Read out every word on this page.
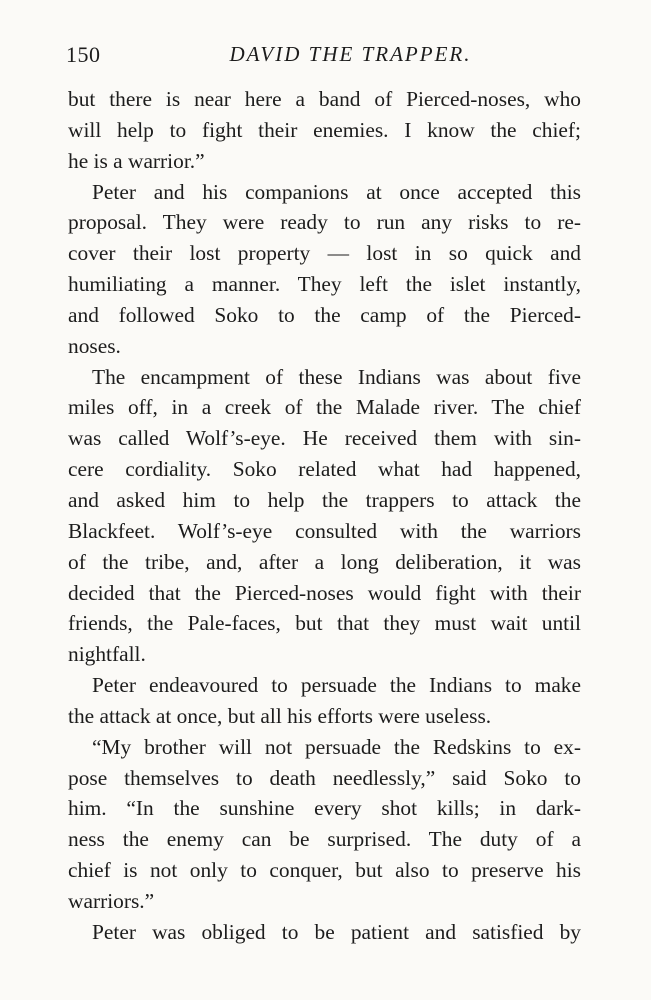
150	DAVID THE TRAPPER.
but there is near here a band of Pierced-noses, who
will help to fight their enemies. I know the chief;
he is a warrior.”
Peter and his companions at once accepted this
proposal. They were ready to run any risks to re-
cover their lost property — lost in so quick and
humiliating a manner. They left the islet instantly,
and followed Soko to the camp of the Pierced-
noses.
The encampment of these Indians was about five
miles off, in a creek of the Malade river. The chief
was called Wolf’s-eye. He received them with sin-
cere cordiality. Soko related what had happened,
and asked him to help the trappers to attack the
Blackfeet. Wolf’s-eye consulted with the warriors
of the tribe, and, after a long deliberation, it was
decided that the Pierced-noses would fight with their
friends, the Pale-faces, but that they must wait until
nightfall.
Peter endeavoured to persuade the Indians to make
the attack at once, but all his efforts were useless.
“My brother will not persuade the Redskins to ex-
pose themselves to death needlessly,” said Soko to
him. “In the sunshine every shot kills; in dark-
ness the enemy can be surprised. The duty of a
chief is not only to conquer, but also to preserve his
warriors.”
Peter was obliged to be patient and satisfied by
